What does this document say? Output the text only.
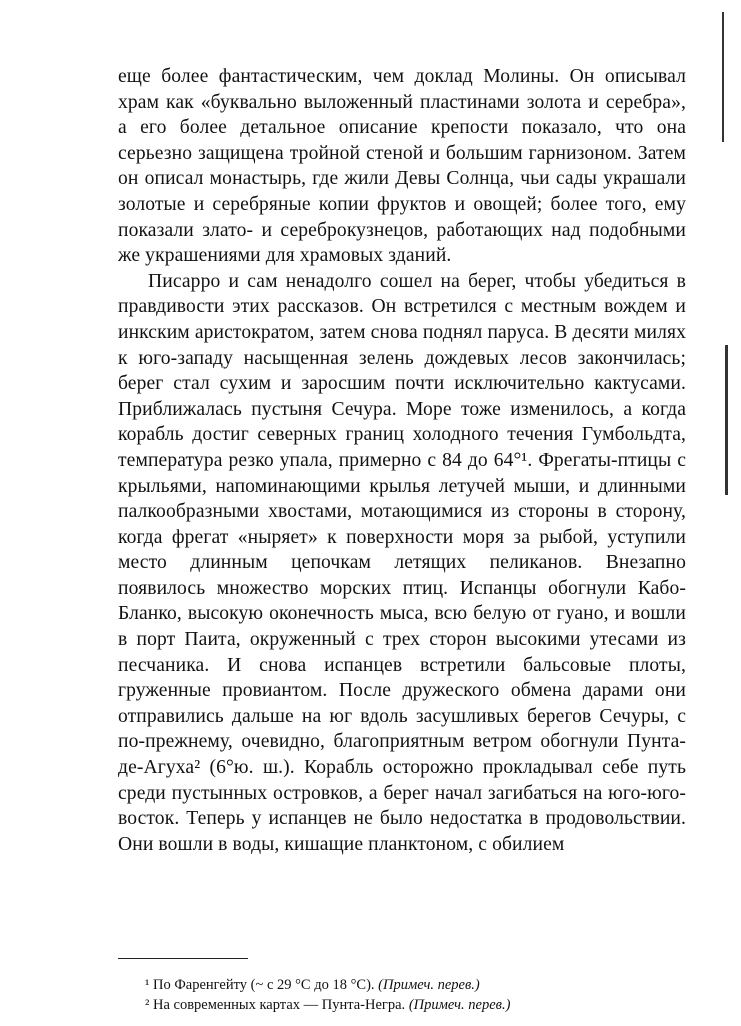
еще более фантастическим, чем доклад Молины. Он описывал храм как «буквально выложенный пластинами золота и серебра», а его более детальное описание крепости показало, что она серьезно защищена тройной стеной и большим гарнизоном. Затем он описал монастырь, где жили Девы Солнца, чьи сады украшали золотые и серебряные копии фруктов и овощей; более того, ему показали злато- и сереброкузнецов, работающих над подобными же украшениями для храмовых зданий.

Писарро и сам ненадолго сошел на берег, чтобы убедиться в правдивости этих рассказов. Он встретился с местным вождем и инкским аристократом, затем снова поднял паруса. В десяти милях к юго-западу насыщенная зелень дождевых лесов закончилась; берег стал сухим и заросшим почти исключительно кактусами. Приближалась пустыня Сечура. Море тоже изменилось, а когда корабль достиг северных границ холодного течения Гумбольдта, температура резко упала, примерно с 84 до 64°¹. Фрегаты-птицы с крыльями, напоминающими крылья летучей мыши, и длинными палкообразными хвостами, мотающимися из стороны в сторону, когда фрегат «ныряет» к поверхности моря за рыбой, уступили место длинным цепочкам летящих пеликанов. Внезапно появилось множество морских птиц. Испанцы обогнули Кабо-Бланко, высокую оконечность мыса, всю белую от гуано, и вошли в порт Паита, окруженный с трех сторон высокими утесами из песчаника. И снова испанцев встретили бальсовые плоты, груженные провиантом. После дружеского обмена дарами они отправились дальше на юг вдоль засушливых берегов Сечуры, с по-прежнему, очевидно, благоприятным ветром обогнули Пунта-де-Агуха² (6°ю. ш.). Корабль осторожно прокладывал себе путь среди пустынных островков, а берег начал загибаться на юго-юго-восток. Теперь у испанцев не было недостатка в продовольствии. Они вошли в воды, кишащие планктоном, с обилием

¹ По Фаренгейту (~ с 29 °С до 18 °С). (Примеч. перев.)
² На современных картах — Пунта-Негра. (Примеч. перев.)
